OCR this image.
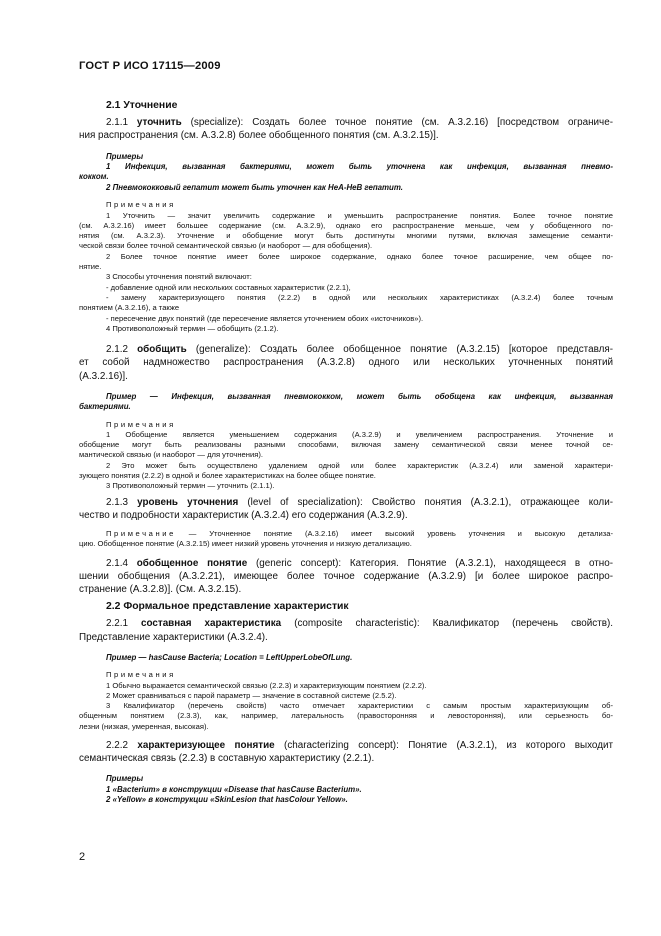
ГОСТ Р ИСО 17115—2009
2.1 Уточнение
2.1.1 уточнить (specialize): Создать более точное понятие (см. А.3.2.16) [посредством ограниче-
ния распространения (см. А.3.2.8) более обобщенного понятия (см. А.3.2.15)].
Примеры
1 Инфекция, вызванная бактериями, может быть уточнена как инфекция, вызванная пневмо-
кокком.
2 Пневмококковый гепатит может быть уточнен как НеА-НеВ гепатит.
Примечания
1 Уточнить — значит увеличить содержание и уменьшить распространение понятия. Более точное понятие
(см. А.3.2.16) имеет большее содержание (см. А.3.2.9), однако его распространение меньше, чем у обобщенного по-
нятия (см. А.3.2.3). Уточнение и обобщение могут быть достигнуты многими путями, включая замещение семанти-
ческой связи более точной семантической связью (и наоборот — для обобщения).
2 Более точное понятие имеет более широкое содержание, однако более точное расширение, чем общее по-
нятие.
3 Способы уточнения понятий включают:
- добавление одной или нескольких составных характеристик (2.2.1),
- замену характеризующего понятия (2.2.2) в одной или нескольких характеристиках (А.3.2.4) более точным
понятием (А.3.2.16), а также
- пересечение двух понятий (где пересечение является уточнением обоих «источников»).
4 Противоположный термин — обобщить (2.1.2).
2.1.2 обобщить (generalize): Создать более обобщенное понятие (А.3.2.15) [которое представля-
ет собой надмножество распространения (А.3.2.8) одного или нескольких уточненных понятий
(А.3.2.16)].
Пример — Инфекция, вызванная пневмококком, может быть обобщена как инфекция, вызванная
бактериями.
Примечания
1 Обобщение является уменьшением содержания (А.3.2.9) и увеличением распространения. Уточнение и
обобщение могут быть реализованы разными способами, включая замену семантической связи менее точной се-
мантической связью (и наоборот — для уточнения).
2 Это может быть осуществлено удалением одной или более характеристик (А.3.2.4) или заменой характери-
зующего понятия (2.2.2) в одной и более характеристиках на более общее понятие.
3 Противоположный термин — уточнить (2.1.1).
2.1.3 уровень уточнения (level of specialization): Свойство понятия (А.3.2.1), отражающее коли-
чество и подробности характеристик (А.3.2.4) его содержания (А.3.2.9).
Примечание — Уточненное понятие (А.3.2.16) имеет высокий уровень уточнения и высокую детализа-
цию. Обобщенное понятие (А.3.2.15) имеет низкий уровень уточнения и низкую детализацию.
2.1.4 обобщенное понятие (generic concept): Категория. Понятие (А.3.2.1), находящееся в отно-
шении обобщения (А.3.2.21), имеющее более точное содержание (А.3.2.9) [и более широкое распро-
странение (А.3.2.8)]. (См. А.3.2.15).
2.2 Формальное представление характеристик
2.2.1 составная характеристика (composite characteristic): Квалификатор (перечень свойств).
Представление характеристики (А.3.2.4).
Пример — hasCause Bacteria; Location = LeftUpperLobeOfLung.
Примечания
1 Обычно выражается семантической связью (2.2.3) и характеризующим понятием (2.2.2).
2 Может сравниваться с парой параметр — значение в составной системе (2.5.2).
3 Квалификатор (перечень свойств) часто отмечает характеристики с самым простым характеризующим об-
общенным понятием (2.3.3), как, например, латеральность (правосторонняя и левосторонняя), или серьезность бо-
лезни (низкая, умеренная, высокая).
2.2.2 характеризующее понятие (characterizing concept): Понятие (А.3.2.1), из которого выходит
семантическая связь (2.2.3) в составную характеристику (2.2.1).
Примеры
1 «Bacterium» в конструкции «Disease that hasCause Bacterium».
2 «Yellow» в конструкции «SkinLesion that hasColour Yellow».
2
